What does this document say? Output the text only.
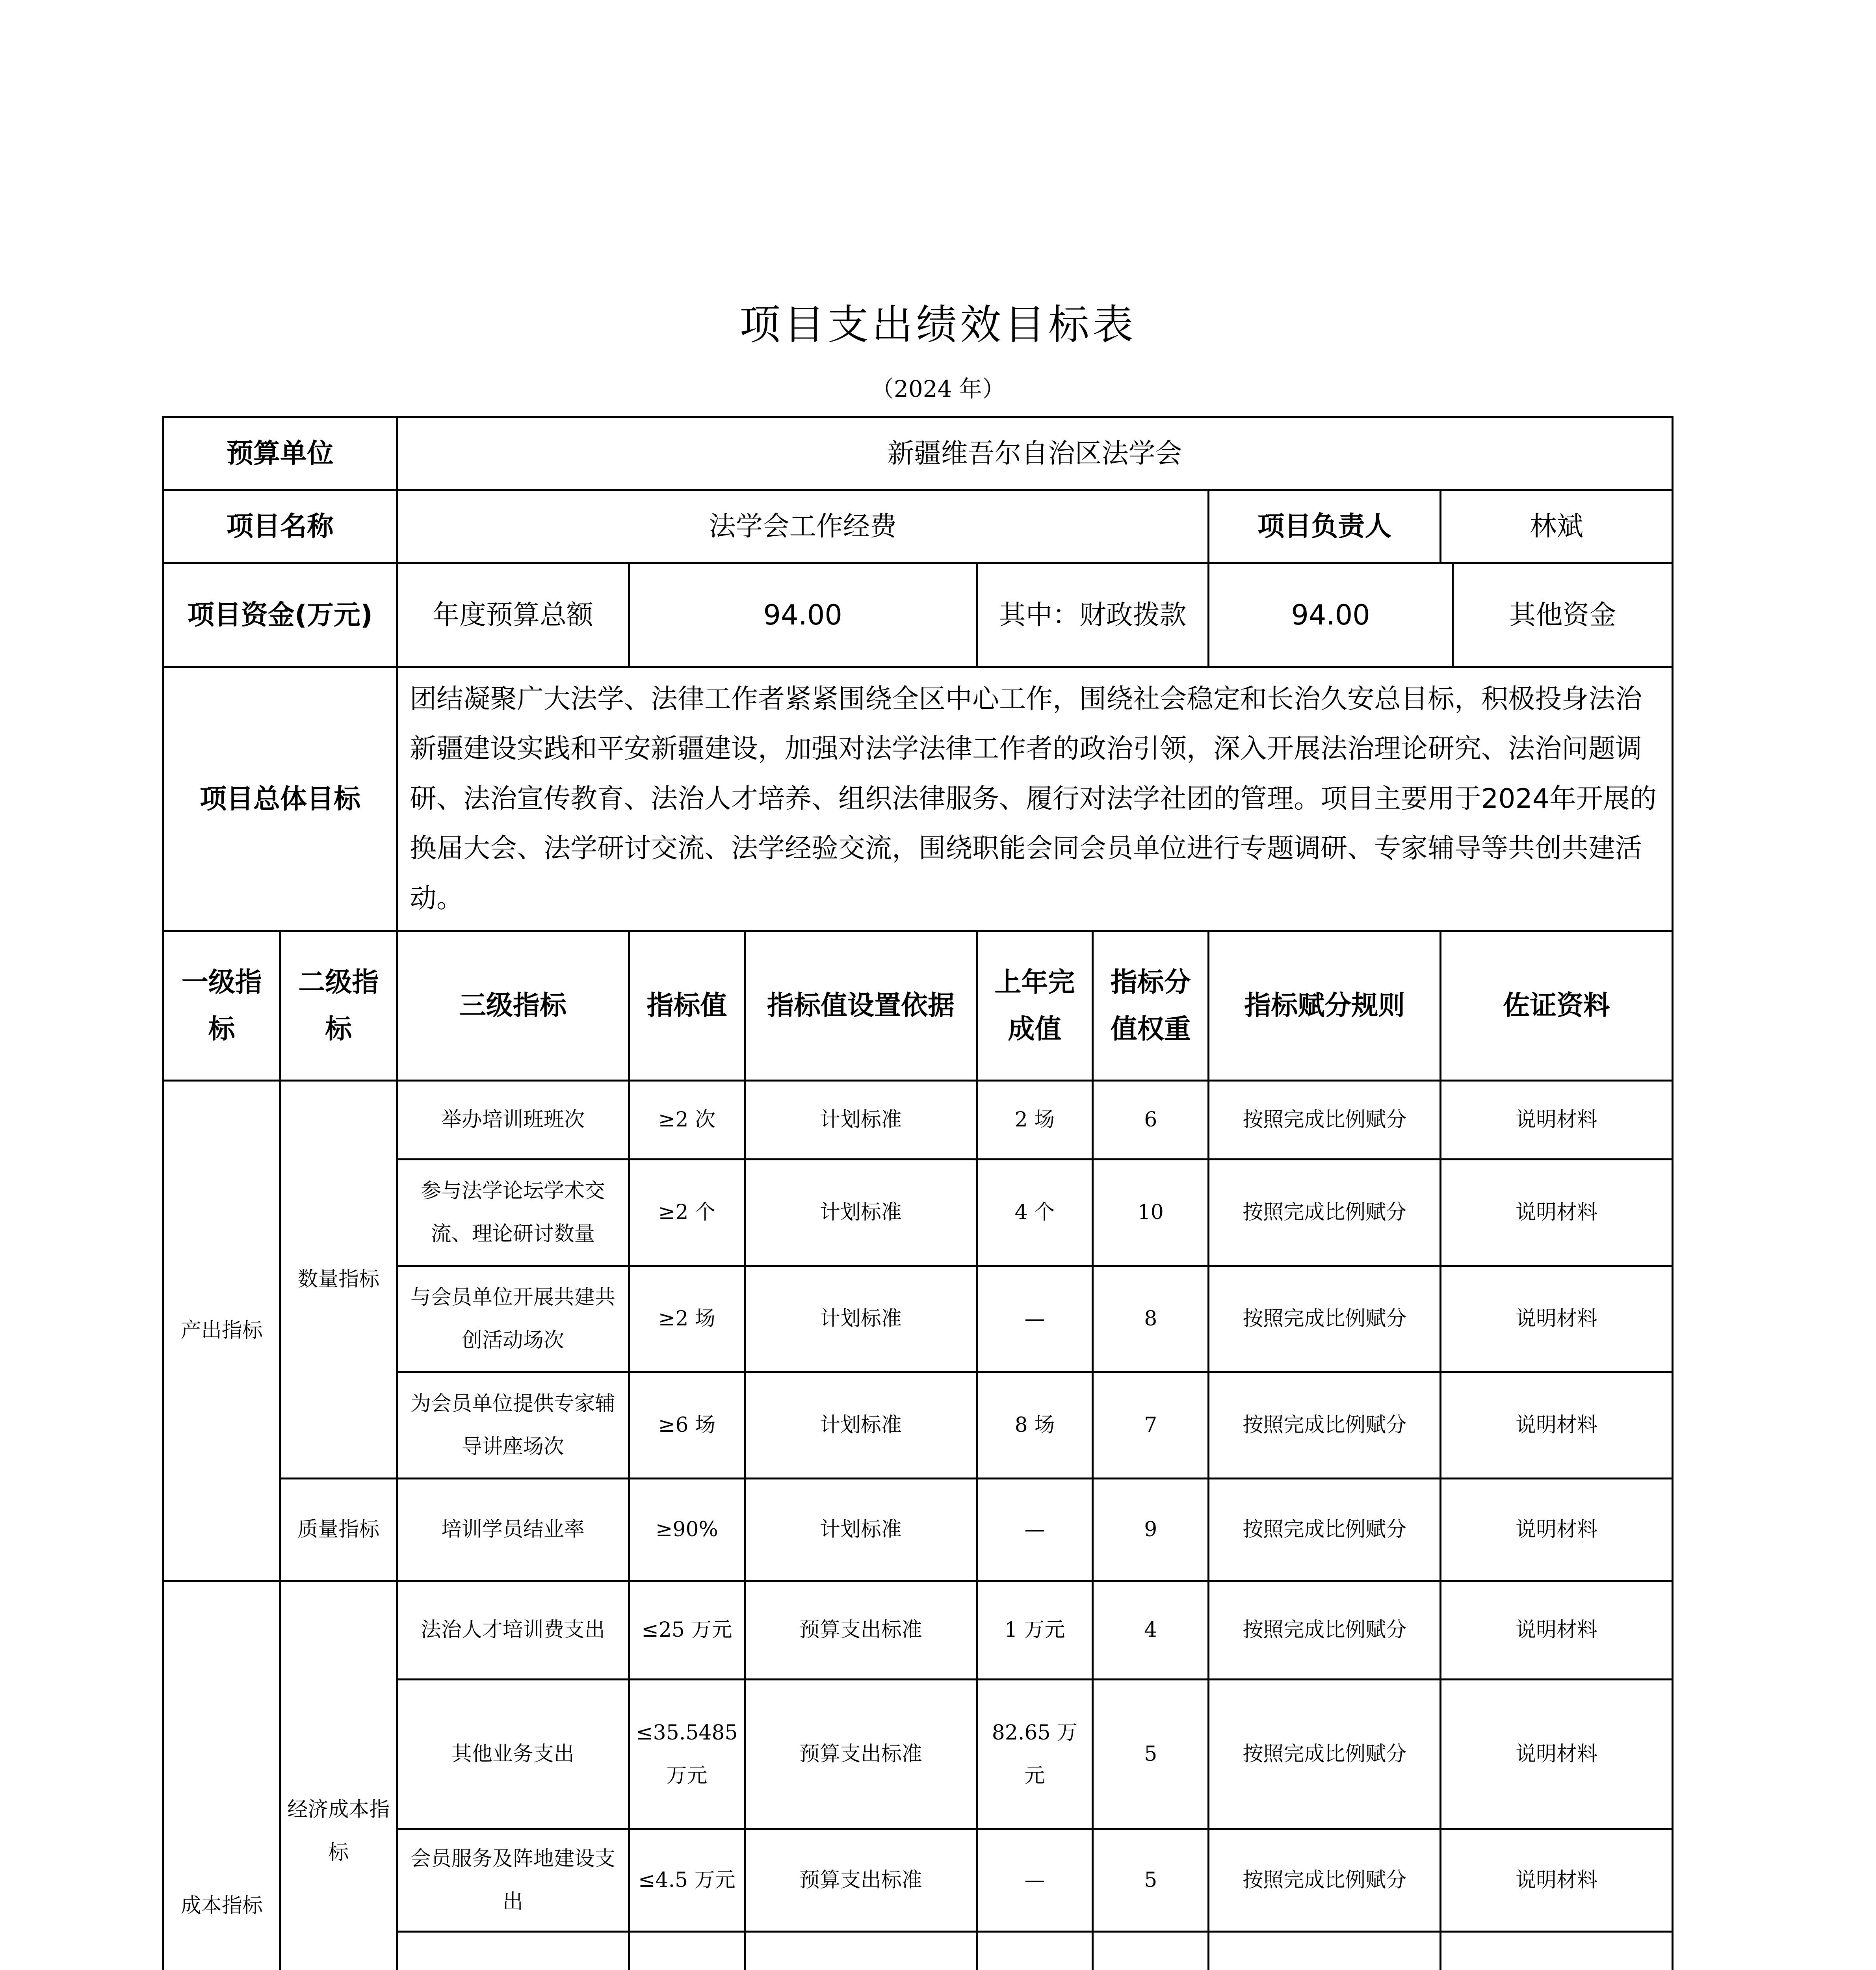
项目支出绩效目标表
（2024 年）
预算单位	新疆维吾尔自治区法学会
项目名称	法学会工作经费	项目负责人	林斌
项目资金(万元)	年度预算总额	94.00	其中：财政拨款		94.00	其他资金

项目总体目标	团结凝聚广大法学、法律工作者紧紧围绕全区中心工作，围绕社会稳定和长治久安总目标，积极投身法治新疆建设实践和平安新疆建设，加强对法学法律工作者的政治引领，深入开展法治理论研究、法治问题调研、法治宣传教育、法治人才培养、组织法律服务、履行对法学社团的管理。项目主要用于2024年开展的换届大会、法学研讨交流、法学经验交流，围绕职能会同会员单位进行专题调研、专家辅导等共创共建活动。
一级指标	二级指标	三级指标	指标值	指标值设置依据	上年完成值	指标分值权重	指标赋分规则	佐证资料
产出指标	数量指标	举办培训班班次	≥2 次	计划标准	2 场	6	按照完成比例赋分	说明材料
参与法学论坛学术交流、理论研讨数量	≥2 个	计划标准	4 个	10	按照完成比例赋分	说明材料
与会员单位开展共建共创活动场次	≥2 场	计划标准	—	8	按照完成比例赋分	说明材料
为会员单位提供专家辅导讲座场次	≥6 场	计划标准	8 场	7	按照完成比例赋分	说明材料
质量指标	培训学员结业率	≥90%	计划标准	—	9	按照完成比例赋分	说明材料
成本指标	经济成本指标	法治人才培训费支出	≤25 万元	预算支出标准	1 万元	4	按照完成比例赋分	说明材料
其他业务支出	≤35.5485 万元	预算支出标准	82.65 万元	5	按照完成比例赋分	说明材料
会员服务及阵地建设支出	≤4.5 万元	预算支出标准	—	5	按照完成比例赋分	说明材料
